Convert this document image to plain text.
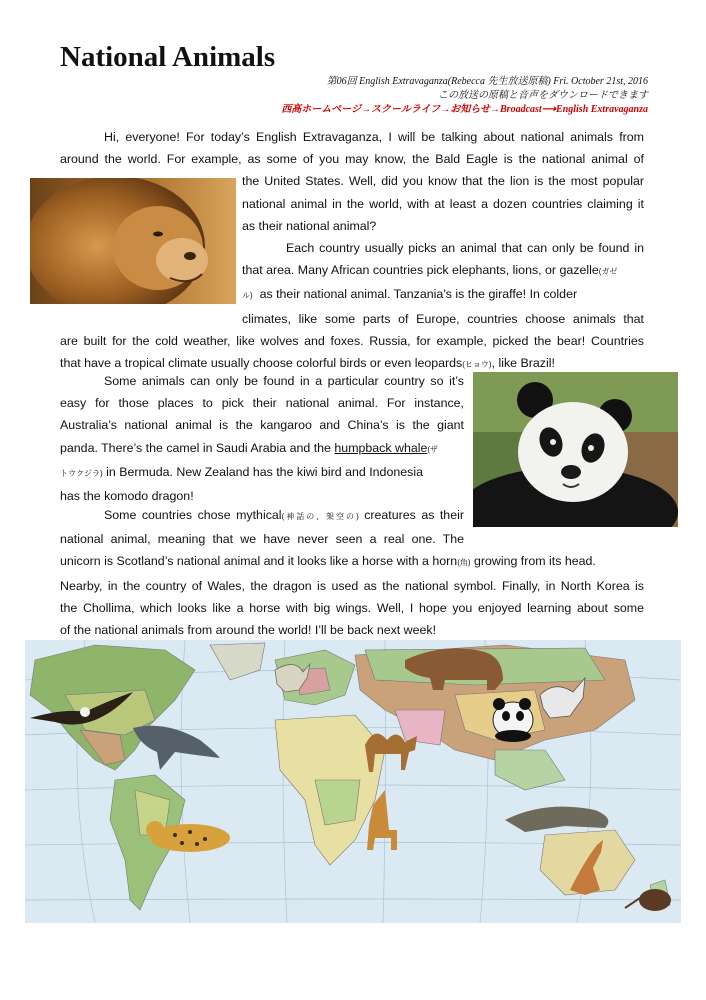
National Animals
第06回 English Extravaganza(Rebecca 先生放送原稿) Fri. October 21st, 2016
この放送の原稿と音声をダウンロードできます
西高ホームページ→スクールライフ→お知らせ→Broadcast⟶English Extravaganza
Hi, everyone! For today’s English Extravaganza, I will be talking about national animals from
around the world. For example, as some of you may know, the Bald Eagle is the national animal of
the United States. Well, did you know that the lion is the most popular
national animal in the world, with at least a dozen countries claiming it
as their national animal?
Each country usually picks an animal that can only be found in
that area. Many African countries pick elephants, lions, or gazelle(ガゼ
ル) as their national animal. Tanzania’s is the giraffe! In colder
climates, like some parts of Europe, countries choose animals that
are built for the cold weather, like wolves and foxes. Russia, for example, picked the bear! Countries
that have a tropical climate usually choose colorful birds or even leopards(ヒョウ), like Brazil!
Some animals can only be found in a particular country so it’s
easy for those places to pick their national animal. For instance,
Australia’s national animal is the kangaroo and China’s is the giant
panda. There’s the camel in Saudi Arabia and the humpback whale(ザ
トウクジラ) in Bermuda. New Zealand has the kiwi bird and Indonesia
has the komodo dragon!
Some countries chose mythical(神話の、架空の) creatures as their
national animal, meaning that we have never seen a real one. The
unicorn is Scotland’s national animal and it looks like a horse with a horn(角) growing from its head.
Nearby, in the country of Wales, the dragon is used as the national symbol. Finally, in North Korea is
the Chollima, which looks like a horse with big wings. Well, I hope you enjoyed learning about some
of the national animals from around the world! I’ll be back next week!
